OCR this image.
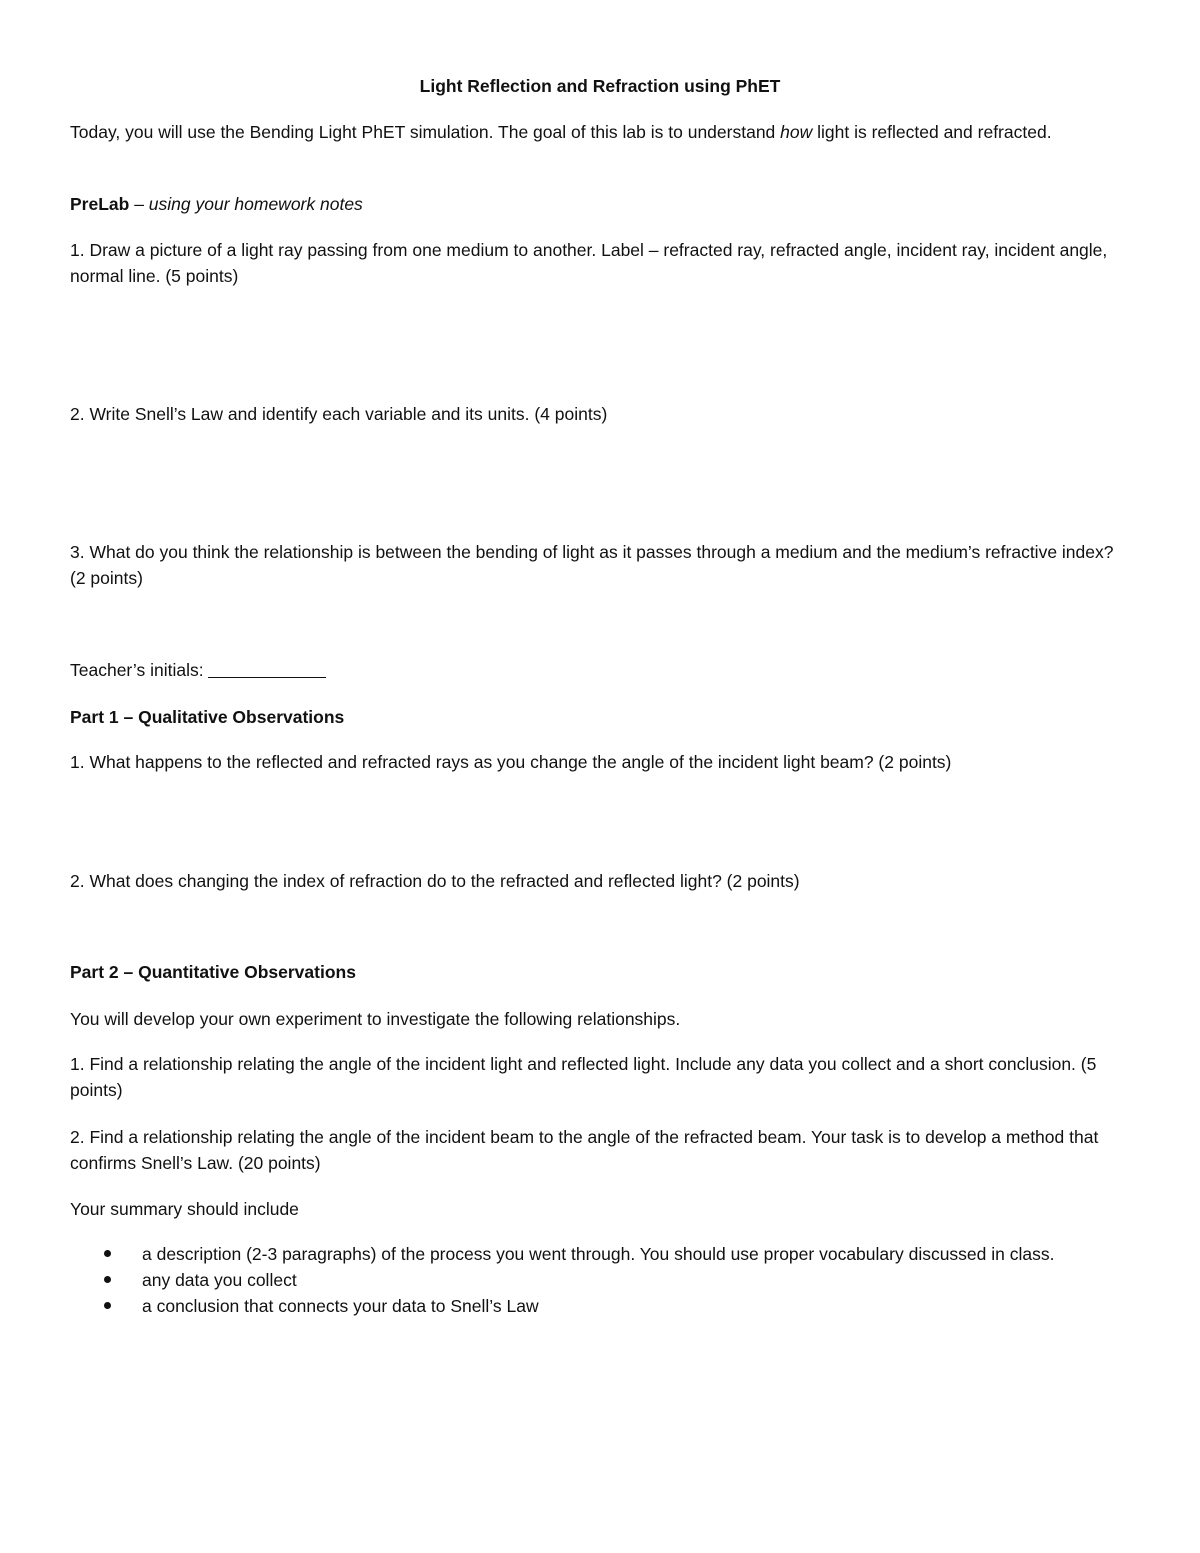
Light Reflection and Refraction using PhET

Today, you will use the Bending Light PhET simulation. The goal of this lab is to understand how light is reflected and refracted.

PreLab – using your homework notes

1. Draw a picture of a light ray passing from one medium to another. Label – refracted ray, refracted angle, incident ray, incident angle, normal line. (5 points)

2. Write Snell’s Law and identify each variable and its units. (4 points)

3. What do you think the relationship is between the bending of light as it passes through a medium and the medium’s refractive index? (2 points)

Teacher’s initials:

Part 1 – Qualitative Observations

1. What happens to the reflected and refracted rays as you change the angle of the incident light beam? (2 points)

2. What does changing the index of refraction do to the refracted and reflected light? (2 points)

Part 2 – Quantitative Observations

You will develop your own experiment to investigate the following relationships.

1. Find a relationship relating the angle of the incident light and reflected light. Include any data you collect and a short conclusion. (5 points)

2. Find a relationship relating the angle of the incident beam to the angle of the refracted beam. Your task is to develop a method that confirms Snell’s Law. (20 points)

Your summary should include

a description (2-3 paragraphs) of the process you went through. You should use proper vocabulary discussed in class.
any data you collect
a conclusion that connects your data to Snell’s Law
